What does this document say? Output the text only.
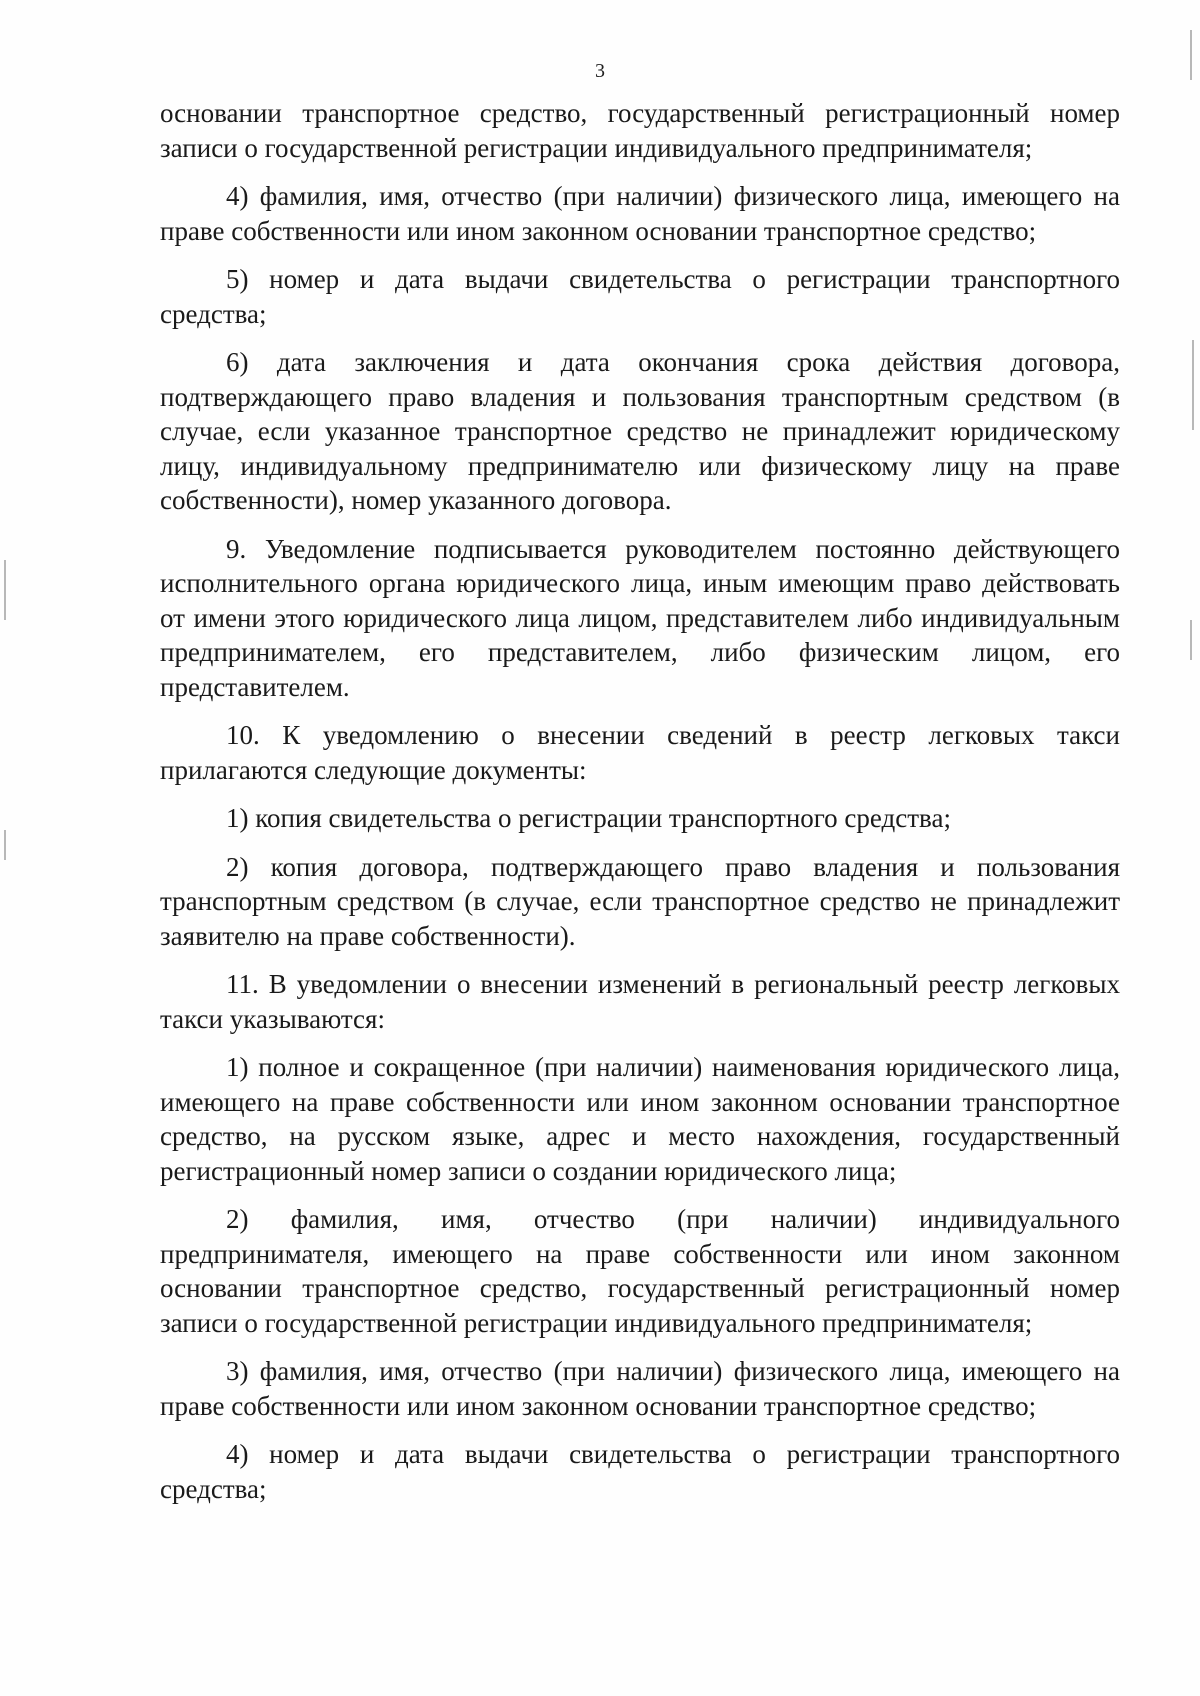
3

основании транспортное средство, государственный регистрационный номер записи о государственной регистрации индивидуального предпринимателя;

4) фамилия, имя, отчество (при наличии) физического лица, имеющего на праве собственности или ином законном основании транспортное средство;

5) номер и дата выдачи свидетельства о регистрации транспортного средства;

6) дата заключения и дата окончания срока действия договора, подтверждающего право владения и пользования транспортным средством (в случае, если указанное транспортное средство не принадлежит юридическому лицу, индивидуальному предпринимателю или физическому лицу на праве собственности), номер указанного договора.

9. Уведомление подписывается руководителем постоянно действующего исполнительного органа юридического лица, иным имеющим право действовать от имени этого юридического лица лицом, представителем либо индивидуальным предпринимателем, его представителем, либо физическим лицом, его представителем.

10. К уведомлению о внесении сведений в реестр легковых такси прилагаются следующие документы:

1) копия свидетельства о регистрации транспортного средства;

2) копия договора, подтверждающего право владения и пользования транспортным средством (в случае, если транспортное средство не принадлежит заявителю на праве собственности).

11. В уведомлении о внесении изменений в региональный реестр легковых такси указываются:

1) полное и сокращенное (при наличии) наименования юридического лица, имеющего на праве собственности или ином законном основании транспортное средство, на русском языке, адрес и место нахождения, государственный регистрационный номер записи о создании юридического лица;

2) фамилия, имя, отчество (при наличии) индивидуального предпринимателя, имеющего на праве собственности или ином законном основании транспортное средство, государственный регистрационный номер записи о государственной регистрации индивидуального предпринимателя;

3) фамилия, имя, отчество (при наличии) физического лица, имеющего на праве собственности или ином законном основании транспортное средство;

4) номер и дата выдачи свидетельства о регистрации транспортного средства;
